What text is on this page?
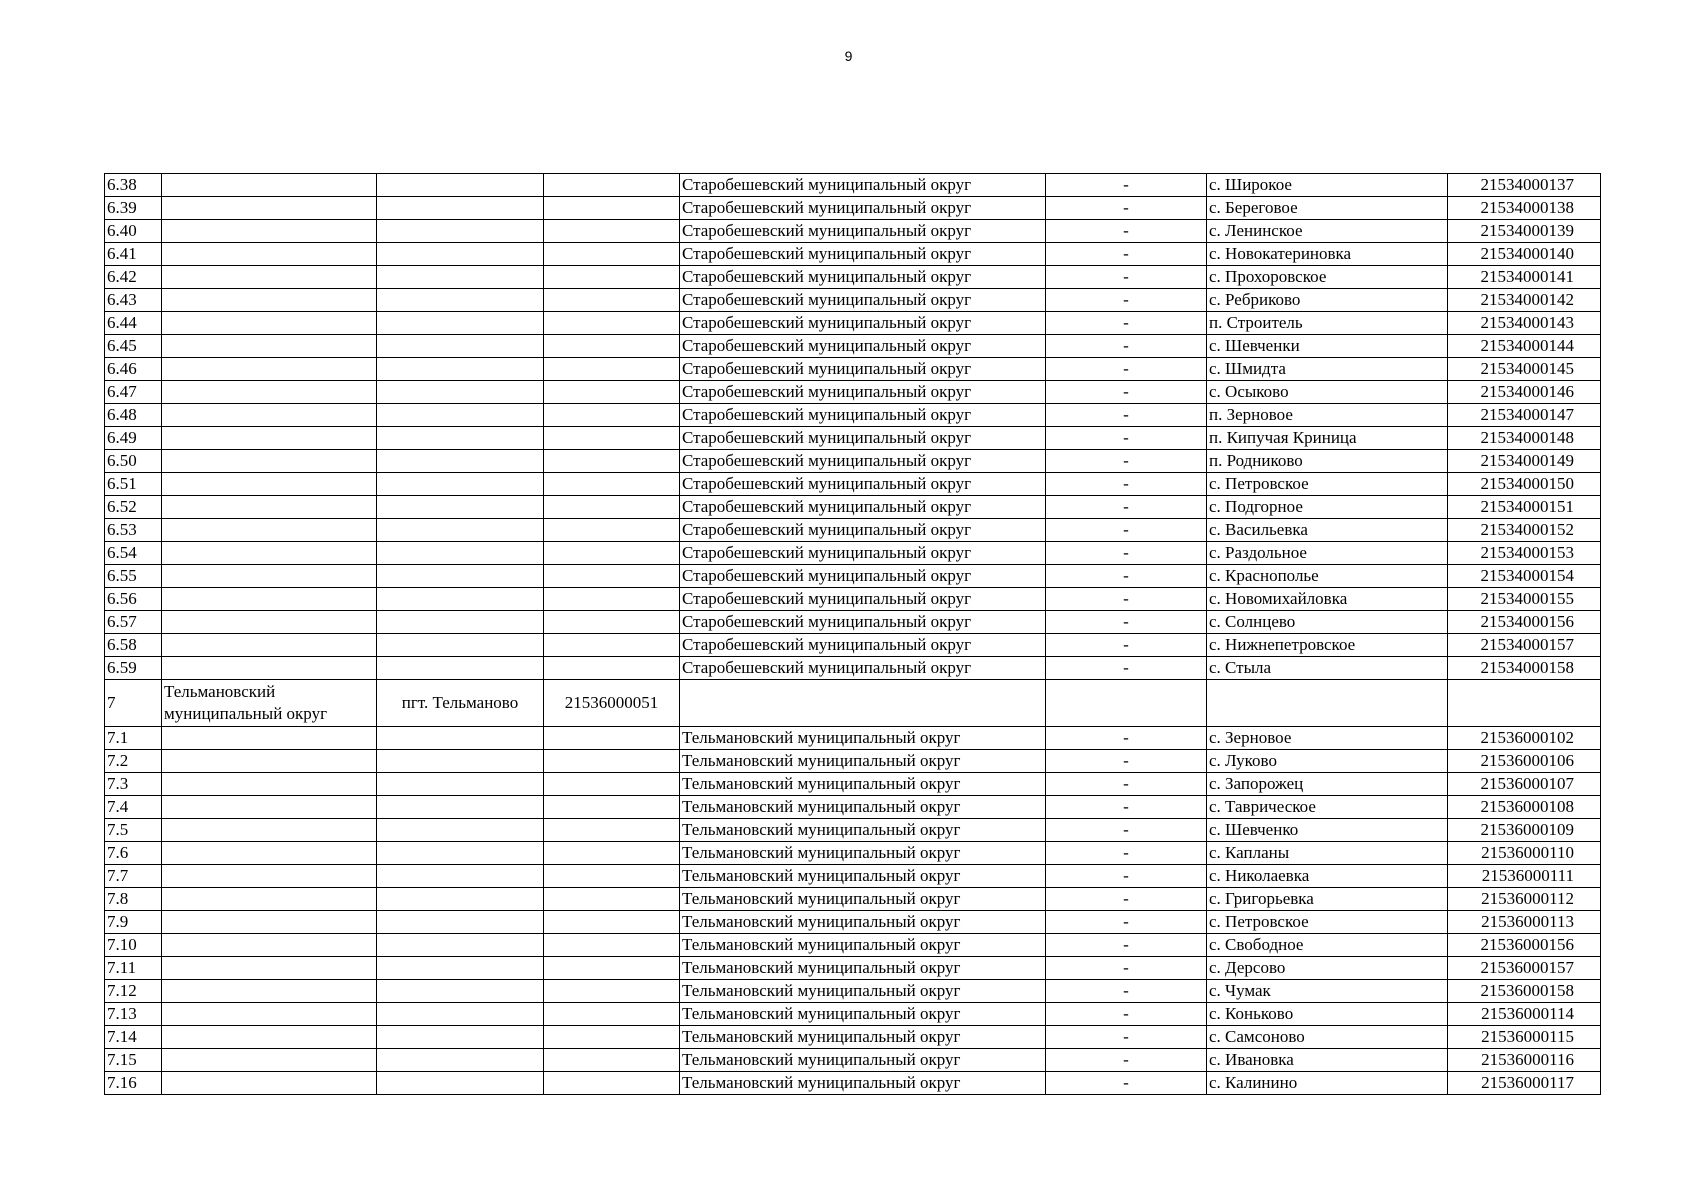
9
6.38				Старобешевский муниципальный округ	-	с. Широкое	21534000137
6.39				Старобешевский муниципальный округ	-	с. Береговое	21534000138
6.40				Старобешевский муниципальный округ	-	с. Ленинское	21534000139
6.41				Старобешевский муниципальный округ	-	с. Новокатериновка	21534000140
6.42				Старобешевский муниципальный округ	-	с. Прохоровское	21534000141
6.43				Старобешевский муниципальный округ	-	с. Ребриково	21534000142
6.44				Старобешевский муниципальный округ	-	п. Строитель	21534000143
6.45				Старобешевский муниципальный округ	-	с. Шевченки	21534000144
6.46				Старобешевский муниципальный округ	-	с. Шмидта	21534000145
6.47				Старобешевский муниципальный округ	-	с. Осыково	21534000146
6.48				Старобешевский муниципальный округ	-	п. Зерновое	21534000147
6.49				Старобешевский муниципальный округ	-	п. Кипучая Криница	21534000148
6.50				Старобешевский муниципальный округ	-	п. Родниково	21534000149
6.51				Старобешевский муниципальный округ	-	с. Петровское	21534000150
6.52				Старобешевский муниципальный округ	-	с. Подгорное	21534000151
6.53				Старобешевский муниципальный округ	-	с. Васильевка	21534000152
6.54				Старобешевский муниципальный округ	-	с. Раздольное	21534000153
6.55				Старобешевский муниципальный округ	-	с. Краснополье	21534000154
6.56				Старобешевский муниципальный округ	-	с. Новомихайловка	21534000155
6.57				Старобешевский муниципальный округ	-	с. Солнцево	21534000156
6.58				Старобешевский муниципальный округ	-	с. Нижнепетровское	21534000157
6.59				Старобешевский муниципальный округ	-	с. Стыла	21534000158
7	Тельмановский муниципальный округ	пгт. Тельманово	21536000051				
7.1				Тельмановский муниципальный округ	-	с. Зерновое	21536000102
7.2				Тельмановский муниципальный округ	-	с. Луково	21536000106
7.3				Тельмановский муниципальный округ	-	с. Запорожец	21536000107
7.4				Тельмановский муниципальный округ	-	с. Таврическое	21536000108
7.5				Тельмановский муниципальный округ	-	с. Шевченко	21536000109
7.6				Тельмановский муниципальный округ	-	с. Капланы	21536000110
7.7				Тельмановский муниципальный округ	-	с. Николаевка	21536000111
7.8				Тельмановский муниципальный округ	-	с. Григорьевка	21536000112
7.9				Тельмановский муниципальный округ	-	с. Петровское	21536000113
7.10				Тельмановский муниципальный округ	-	с. Свободное	21536000156
7.11				Тельмановский муниципальный округ	-	с. Дерсово	21536000157
7.12				Тельмановский муниципальный округ	-	с. Чумак	21536000158
7.13				Тельмановский муниципальный округ	-	с. Коньково	21536000114
7.14				Тельмановский муниципальный округ	-	с. Самсоново	21536000115
7.15				Тельмановский муниципальный округ	-	с. Ивановка	21536000116
7.16				Тельмановский муниципальный округ	-	с. Калинино	21536000117
